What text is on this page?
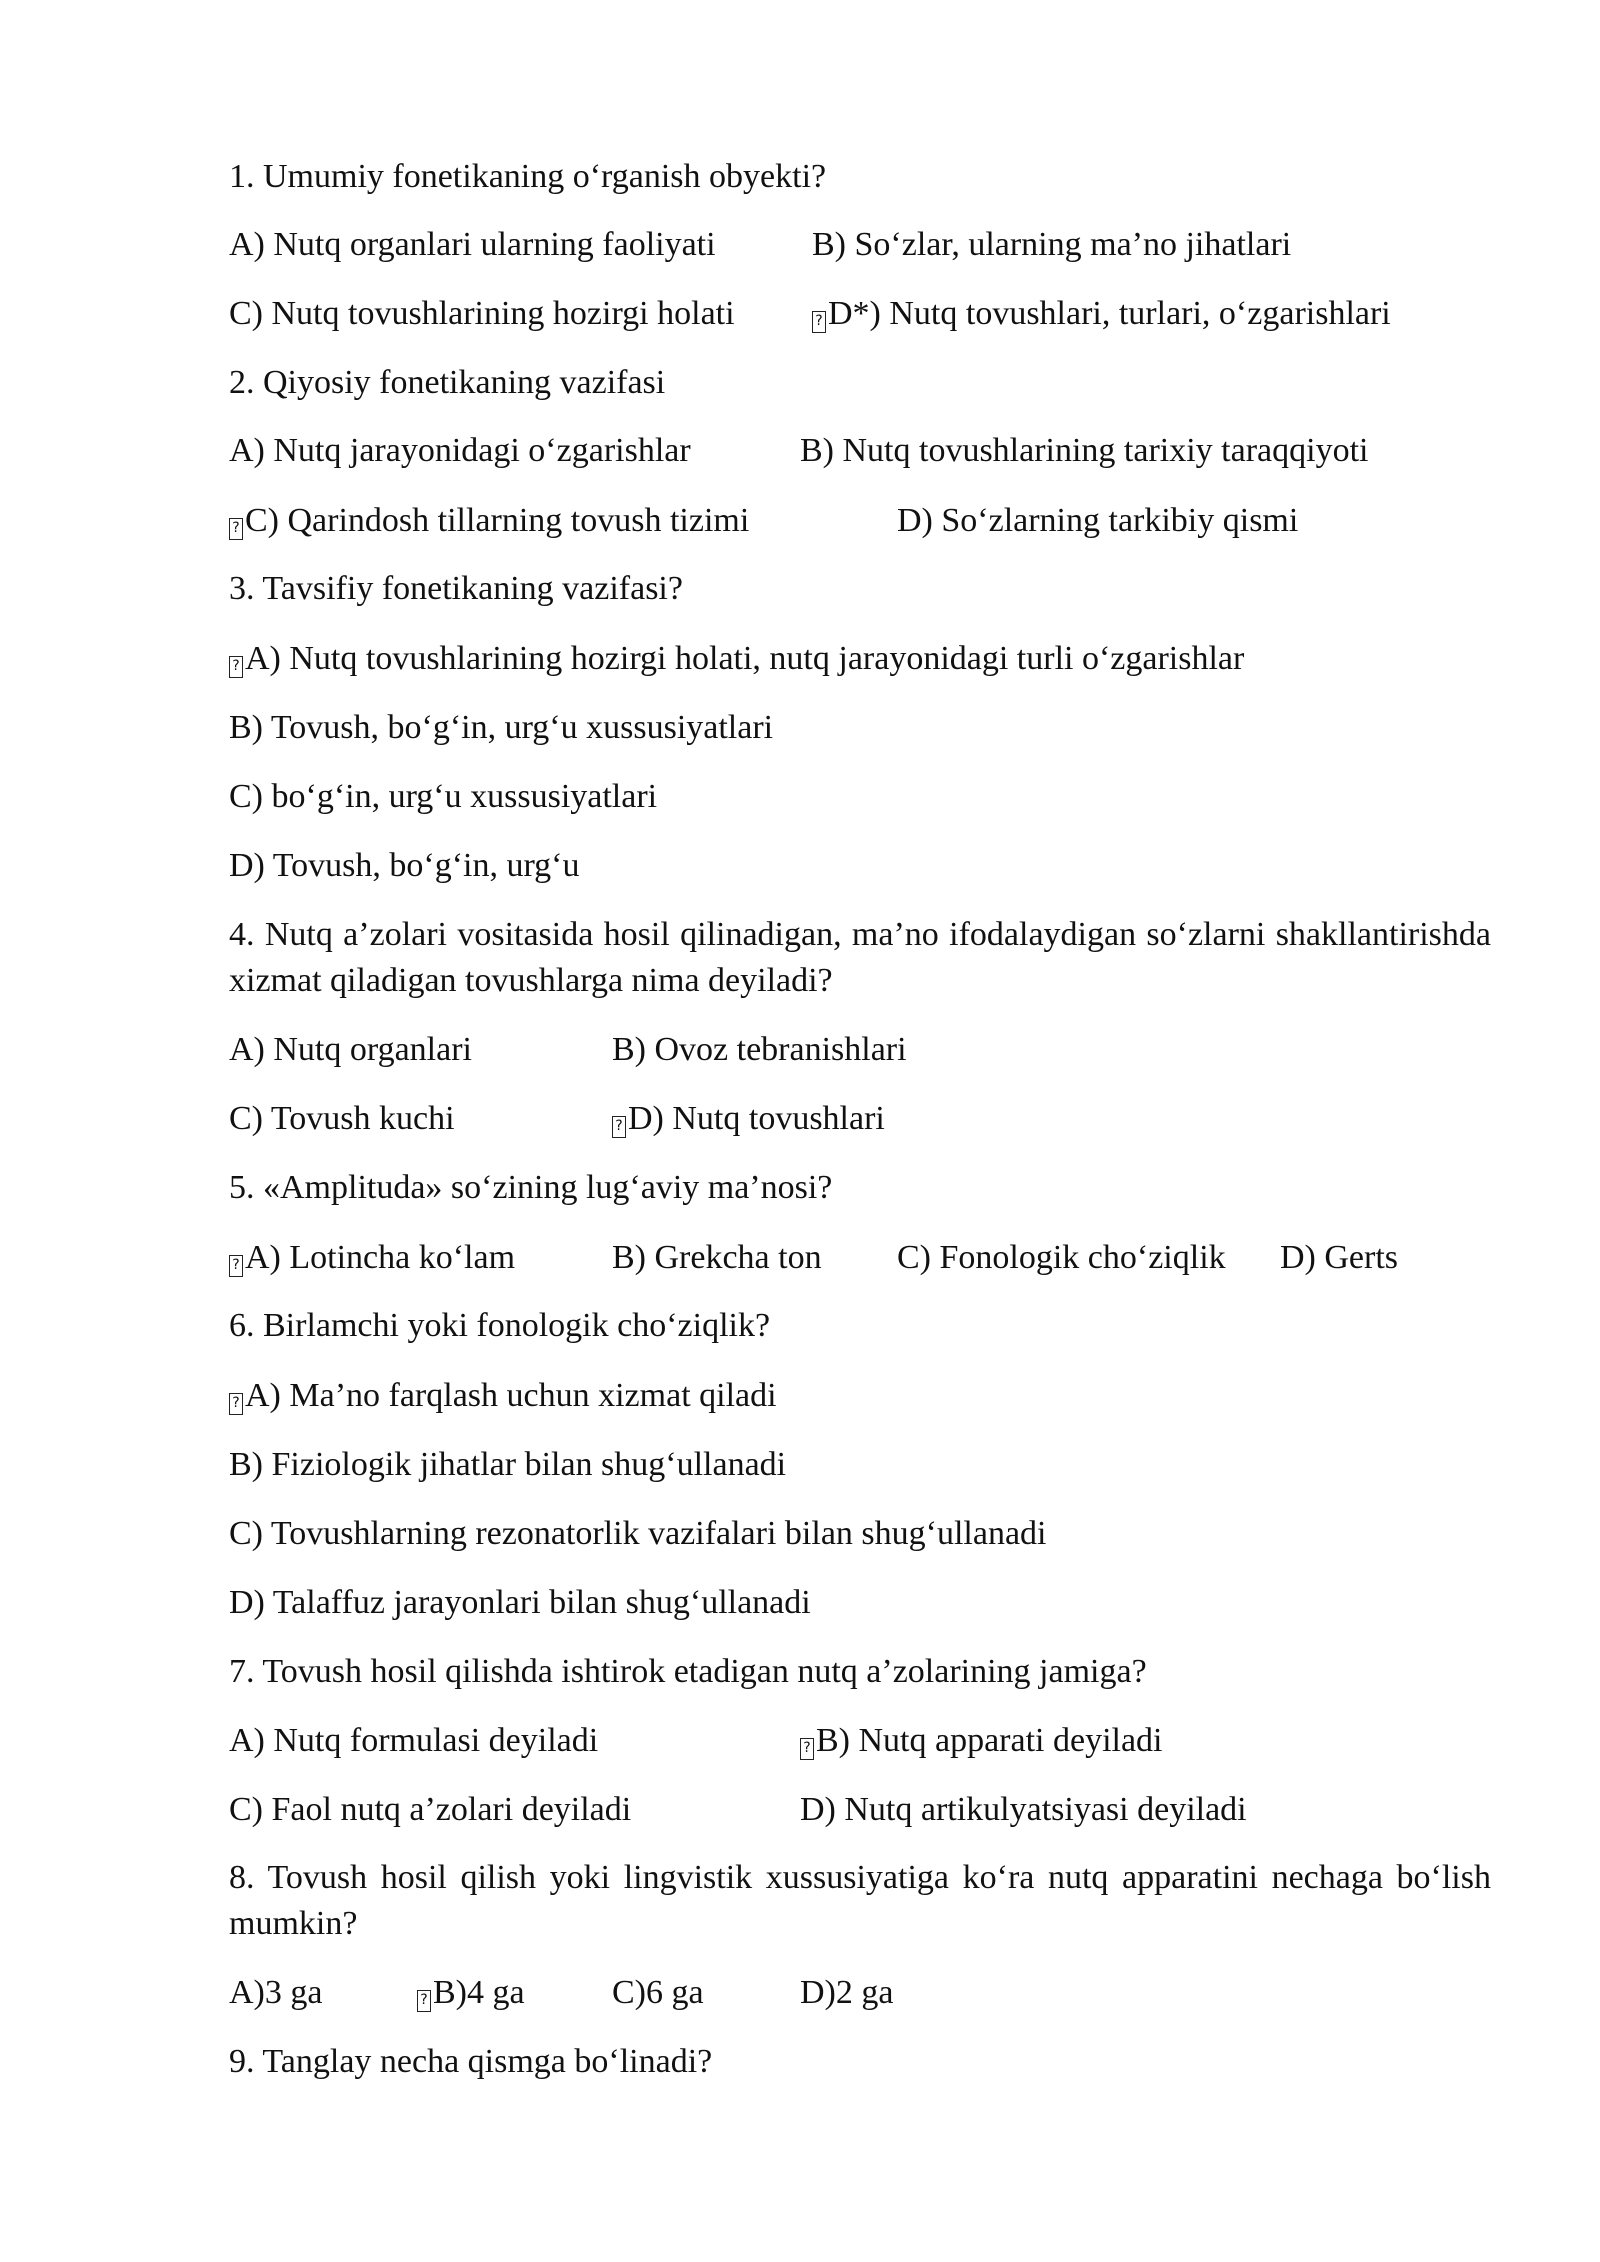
1. Umumiy fonetikaning o‘rganish obyekti?
A) Nutq organlari ularning faoliyati	B) So‘zlar, ularning ma’no jihatlari
C) Nutq tovushlarining hozirgi holati	? D*) Nutq tovushlari, turlari, o‘zgarishlari
2. Qiyosiy fonetikaning vazifasi
A) Nutq jarayonidagi o‘zgarishlar	B) Nutq tovushlarining tarixiy taraqqiyoti
? C) Qarindosh tillarning tovush tizimi	D) So‘zlarning tarkibiy qismi
3. Tavsifiy fonetikaning vazifasi?
? A) Nutq tovushlarining hozirgi holati, nutq jarayonidagi turli o‘zgarishlar
B) Tovush, bo‘g‘in, urg‘u xussusiyatlari
C) bo‘g‘in, urg‘u xussusiyatlari
D) Tovush, bo‘g‘in, urg‘u
4. Nutq a’zolari vositasida hosil qilinadigan, ma’no ifodalaydigan so‘zlarni shakllantirishda xizmat qiladigan tovushlarga nima deyiladi?
A) Nutq organlari	B) Ovoz tebranishlari
C) Tovush kuchi	? D) Nutq tovushlari
5. «Amplituda» so‘zining lug‘aviy ma’nosi?
? A) Lotincha ko‘lam	B) Grekcha ton C) Fonologik cho‘ziqlik D) Gerts
6. Birlamchi yoki fonologik cho‘ziqlik?
? A) Ma’no farqlash uchun xizmat qiladi
B) Fiziologik jihatlar bilan shug‘ullanadi
C) Tovushlarning rezonatorlik vazifalari bilan shug‘ullanadi
D) Talaffuz jarayonlari bilan shug‘ullanadi
7. Tovush hosil qilishda ishtirok etadigan nutq a’zolarining jamiga?
A) Nutq formulasi deyiladi	? B) Nutq apparati deyiladi
C) Faol nutq a’zolari deyiladi	D) Nutq artikulyatsiyasi deyiladi
8. Tovush hosil qilish yoki lingvistik xussusiyatiga ko‘ra nutq apparatini nechaga bo‘lish mumkin?
A)3 ga	? B)4 ga	C)6 ga	D)2 ga
9. Tanglay necha qismga bo‘linadi?
